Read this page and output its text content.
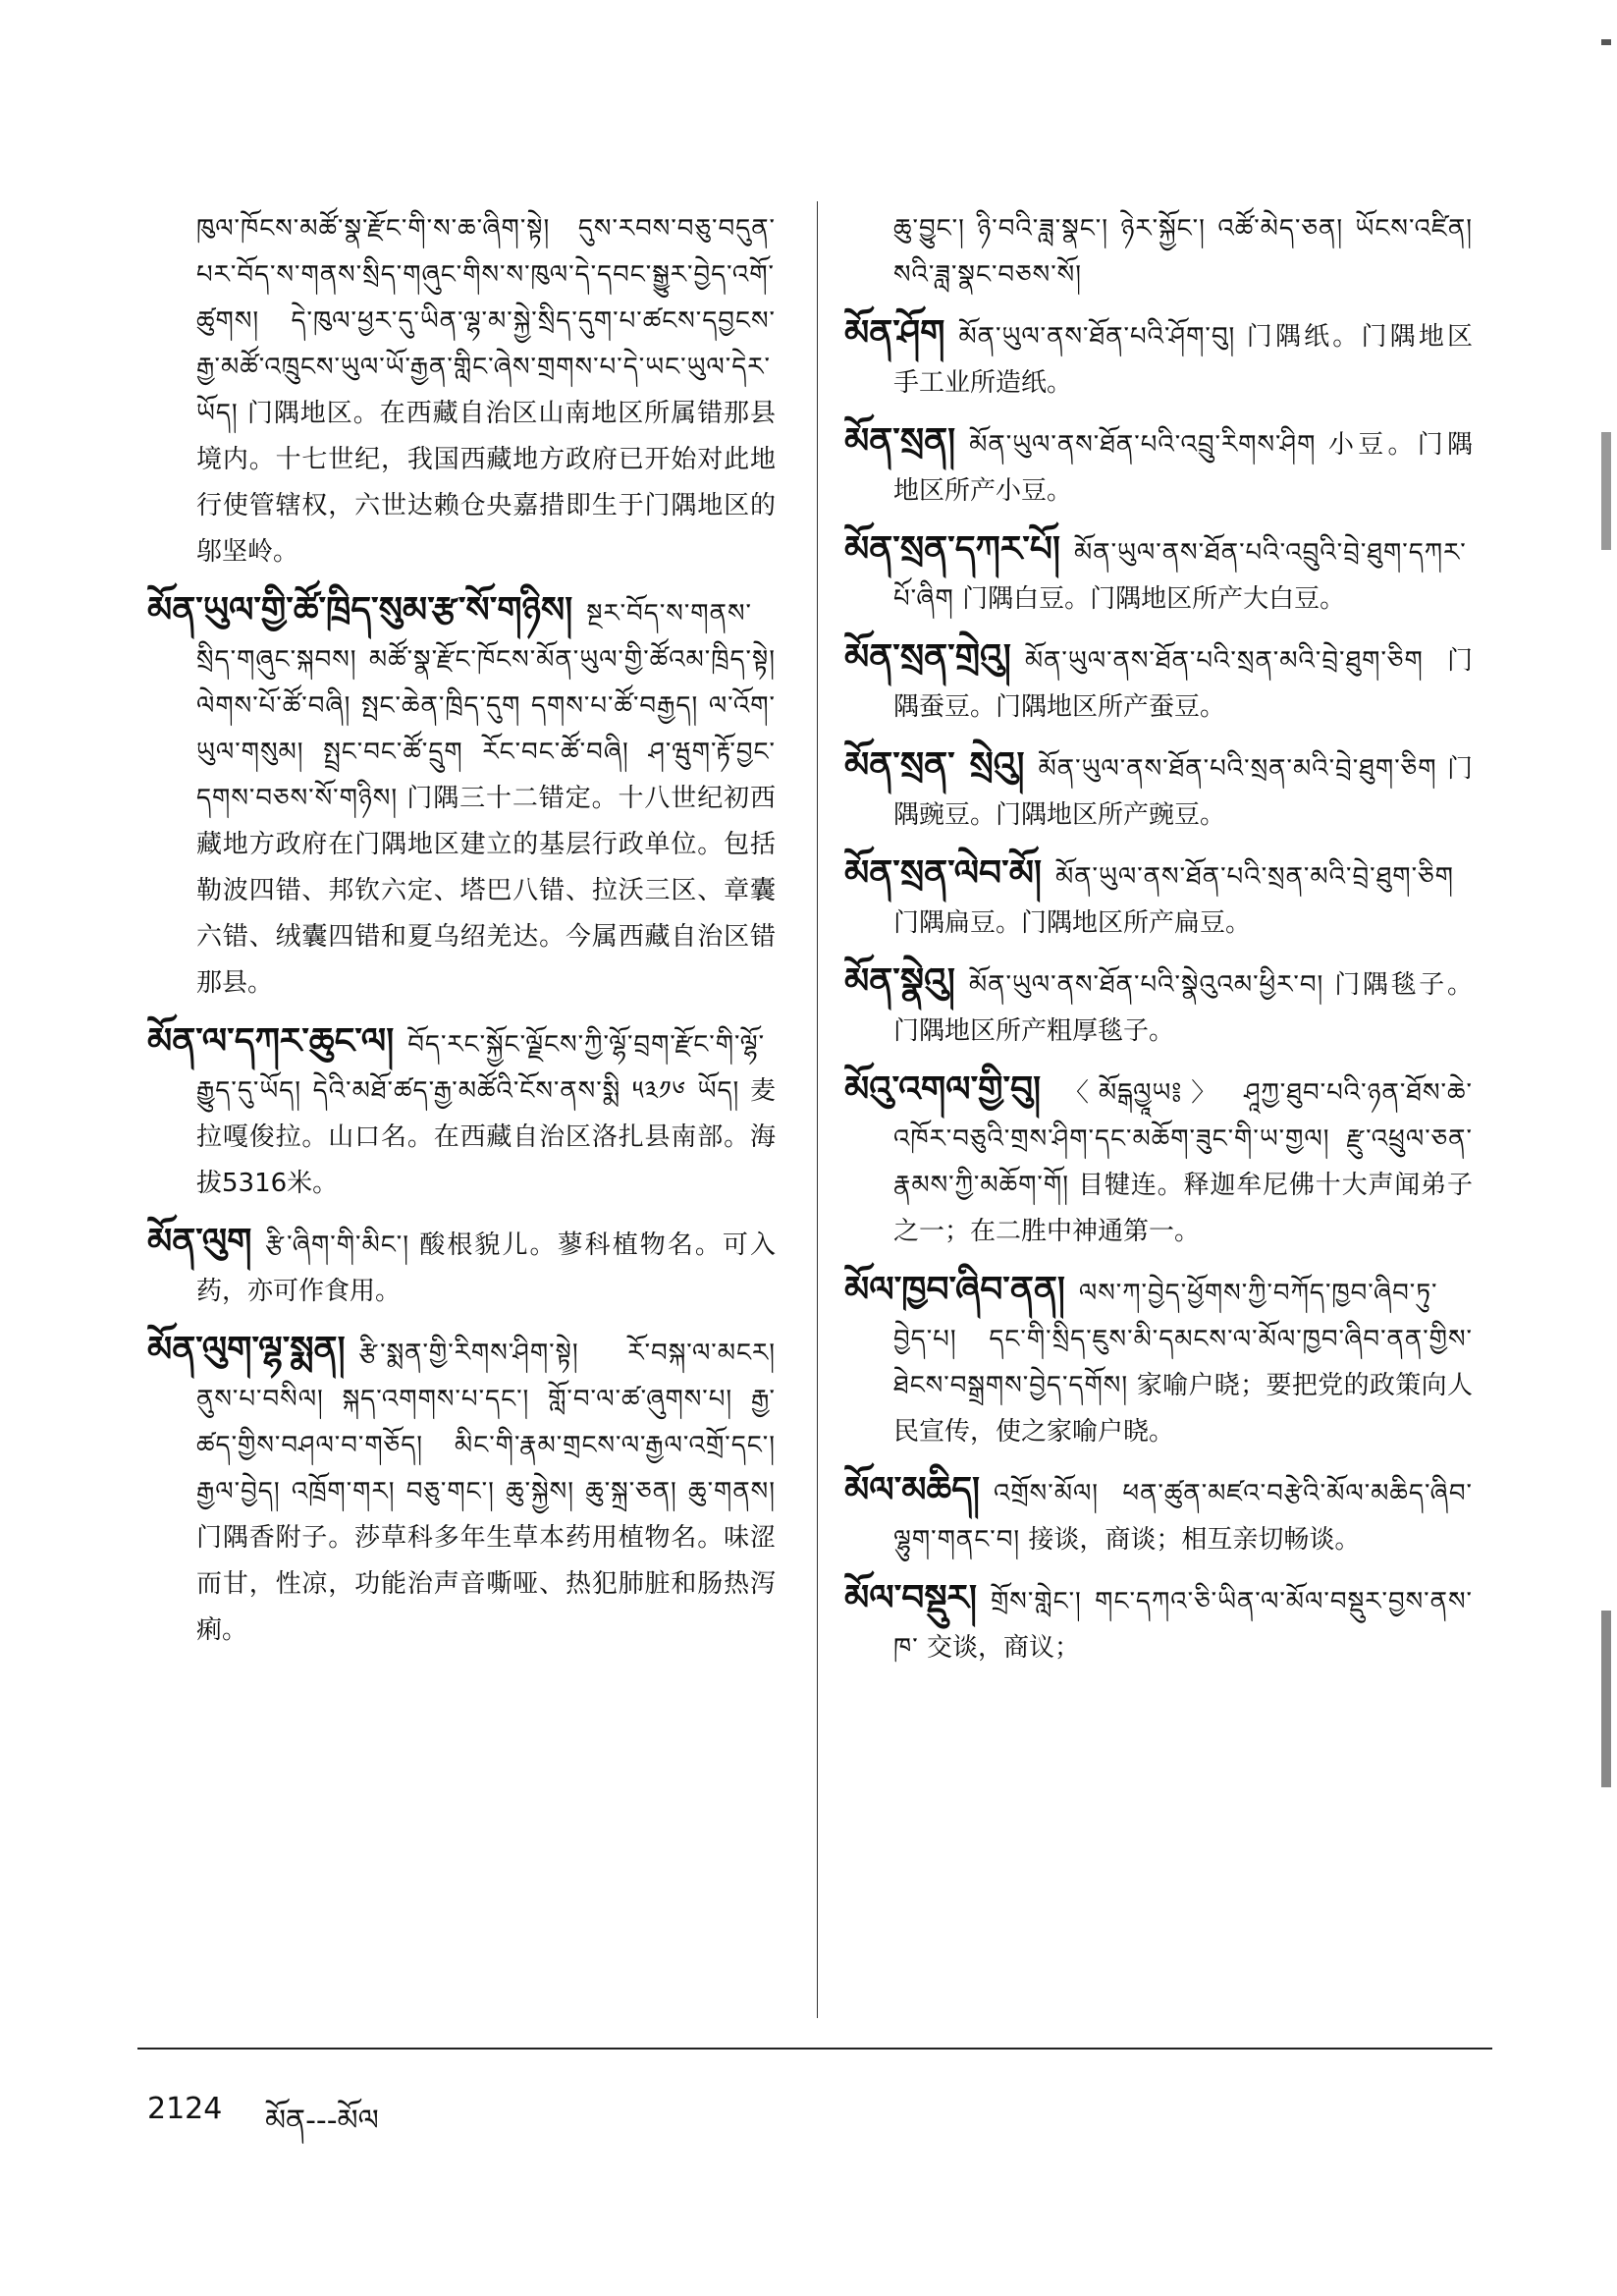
ཁུལ་ཁོངས་མཚོ་སྣ་རྫོང་གི་ས་ཆ་ཞིག་སྟེ། དུས་རབས་བཅུ་བདུན་པར་བོད་ས་གནས་སྲིད་གཞུང་གིས་ས་ཁུལ་དེ་དབང་སྒྱུར་བྱེད་འགོ་ཚུགས། དེ་ཁུལ་ཕྱར་དུ་ཡིན་ལྷ་མ་སྐྱེ་སྲིད་དུག་པ་ཚངས་དབྱངས་རྒྱ་མཚོ་འཁྲུངས་ཡུལ་ཡོ་རྒྱན་གླིང་ཞེས་གྲགས་པ་དེ་ཡང་ཡུལ་དེར་ཡོད། 门隅地区。在西藏自治区山南地区所属错那县境内。十七世纪，我国西藏地方政府已开始对此地行使管辖权，六世达赖仓央嘉措即生于门隅地区的邬坚岭。
མོན་ཡུལ་གྱི་ཚོ་ཁྲིད་སུམ་རྩ་སོ་གཉིས། སྔར་བོད་ས་གནས་སྲིད་གཞུང་སྐབས། མཚོ་སྣ་རྫོང་ཁོངས་མོན་ཡུལ་གྱི་ཚོའམ་ཁྲིད་སྟེ། ལེགས་པོ་ཚོ་བཞི། སྤང་ཆེན་ཁྲིད་དུག དགས་པ་ཚོ་བརྒྱད། ལ་འོག་ཡུལ་གསུམ། སྤྲང་བང་ཚོ་དྲུག རོང་བང་ཚོ་བཞི། ཤ་ཝུག་རྟོ་བྱང་དགས་བཅས་སོ་གཉིས། 门隅三十二错定。十八世纪初西藏地方政府在门隅地区建立的基层行政单位。包括勒波四错、邦钦六定、塔巴八错、拉沃三区、章囊六错、绒囊四错和夏乌绍羌达。今属西藏自治区错那县。
མོན་ལ་དཀར་ཆུང་ལ། བོད་རང་སྐྱོང་ལྗོངས་ཀྱི་ལྷོ་བྲག་རྫོང་གི་ལྷོ་རྒྱུད་དུ་ཡོད། དེའི་མཐོ་ཚད་རྒྱ་མཚོའི་ངོས་ནས་སྨི ༥༣༡༦ ཡོད། 麦拉嘎俊拉。山口名。在西藏自治区洛扎县南部。海拔5316米。
མོན་ལུག རྩི་ཞིག་གི་མིང་། 酸根貌儿。蓼科植物名。可入药，亦可作食用。
མོན་ལུག་ལྷ་སྨན། རྩི་སྨན་གྱི་རིགས་ཤིག་སྟེ། རོ་བསྐ་ལ་མངར། ནུས་པ་བསིལ། སྐད་འགགས་པ་དང་། གློ་བ་ལ་ཚ་ཞུགས་པ། རྒྱ་ཚད་གྱིས་བཤལ་བ་གཅོད། མིང་གི་རྣམ་གྲངས་ལ་རྒྱལ་འགྲོ་དང་། རྒྱལ་བྱེད། འཁྲོག་གར། བཅུ་གང་། ཆུ་སྐྱེས། ཆུ་སྐྲ་ཅན། ཆུ་གནས། 门隅香附子。莎草科多年生草本药用植物名。味涩而甘，性凉，功能治声音嘶哑、热犯肺脏和肠热泻痢。
ཆུ་བྱུང་། ཉི་བའི་ཟླ་སྣང་། ཉེར་སྐྱོང་། འཚོ་མེད་ཅན། ཡོངས་འཛིན། སའི་ཟླ་སྣང་བཅས་སོ།
མོན་ཤོག མོན་ཡུལ་ནས་ཐོན་པའི་ཤོག་བུ། 门隅纸。门隅地区手工业所造纸。
མོན་སྲན། མོན་ཡུལ་ནས་ཐོན་པའི་འབྲུ་རིགས་ཤིག 小豆。门隅地区所产小豆。
མོན་སྲན་དཀར་པོ། མོན་ཡུལ་ནས་ཐོན་པའི་འབྲུའི་བྲེ་ཐུག་དཀར་པོ་ཞིག 门隅白豆。门隅地区所产大白豆。
མོན་སྲན་གྲེའུ། མོན་ཡུལ་ནས་ཐོན་པའི་སྲན་མའི་བྲེ་ཐུག་ཅིག 门隅蚕豆。门隅地区所产蚕豆。
མོན་སྲན་ སྲེའུ། མོན་ཡུལ་ནས་ཐོན་པའི་སྲན་མའི་བྲེ་ཐུག་ཅིག 门隅豌豆。门隅地区所产豌豆。
མོན་སྲན་ལེབ་མོ། མོན་ཡུལ་ནས་ཐོན་པའི་སྲན་མའི་བྲེ་ཐུག་ཅིག 门隅扁豆。门隅地区所产扁豆。
མོན་སྣེའུ། མོན་ཡུལ་ནས་ཐོན་པའི་སྣེའུའམ་ཕྱིར་བ། 门隅毯子。门隅地区所产粗厚毯子。
མོའུ་འགལ་གྱི་བུ། 〈མོདྒལྱཱཡ༔〉 ཤཱཀྱ་ཐུབ་པའི་ཉན་ཐོས་ཆེ་འཁོར་བཅུའི་གྲས་ཤིག་དང་མཆོག་ཟུང་གི་ཡ་གྱལ། རྫུ་འཕྲུལ་ཅན་རྣམས་ཀྱི་མཆོག་གོ། 目犍连。释迦牟尼佛十大声闻弟子之一；在二胜中神通第一。
མོལ་ཁྱབ་ཞིབ་ནན། ལས་ཀ་བྱེད་ཕྱོགས་ཀྱི་བཀོད་ཁྱབ་ཞིབ་ཏུ་བྱེད་པ། དང་གི་སྲིད་ཇུས་མི་དམངས་ལ་མོལ་ཁྱབ་ཞིབ་ནན་གྱིས་ཐེངས་བསྒྲགས་བྱེད་དགོས། 家喻户晓；要把党的政策向人民宣传，使之家喻户晓。
མོལ་མཆིད། འགྲོས་མོལ། ཕན་ཚུན་མཛའ་བརྩེའི་མོལ་མཆིད་ཞིབ་ལྷུག་གནང་བ། 接谈，商谈；相互亲切畅谈。
མོལ་བསྡུར། གྲོས་གླེང་། གང་དཀའ་ཅི་ཡིན་ལ་མོལ་བསྡུར་བྱས་ནས་ཁ་ 交谈，商议；
2124 མོན---མོལ
